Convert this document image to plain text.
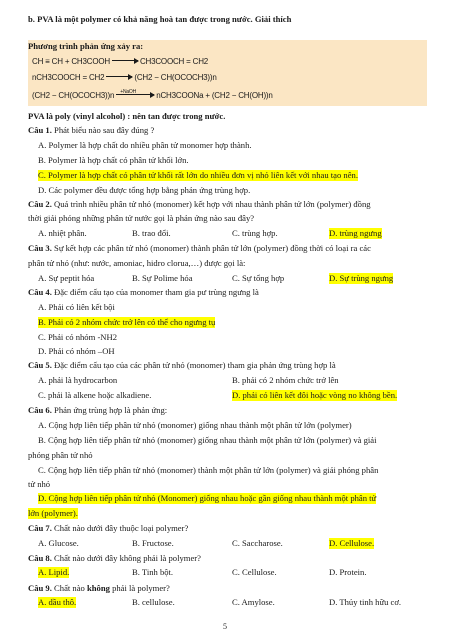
b. PVA là một polymer có khả năng hoà tan được trong nước. Giải thích
Phương trình phản ứng xảy ra:
CH ≡ CH + CH3COOH	CH3COOCH = CH2
nCH3COOCH = CH2	(CH2 − CH(OCOCH3))n
(CH2 − CH(OCOCH3))n +NaOH	nCH3COONa + (CH2 − CH(OH))n
PVA là poly (vinyl alcohol) : nên tan được trong nước.
Câu 1. Phát biểu nào sau đây đúng ?
A. Polymer là hợp chất do nhiều phân tử monomer hợp thành.
B. Polymer là hợp chất có phân tử khối lớn.
C. Polymer là hợp chất có phân tử khối rất lớn do nhiều đơn vị nhỏ liên kết với nhau tạo nên.
D. Các polymer đều được tổng hợp bằng phản ứng trùng hợp.
Câu 2. Quá trình nhiều phân tử nhỏ (monomer) kết hợp với nhau thành phân tử lớn (polymer) đồng
thời giải phóng những phân tử nước gọi là phản ứng nào sau đây?
A. nhiệt phân.	B. trao đổi.	C. trùng hợp.	D. trùng ngưng
Câu 3. Sự kết hợp các phân tử nhỏ (monomer) thành phân tử lớn (polymer) đồng thời có loại ra các
phân tử nhỏ (như: nước, amoniac, hidro clorua,…) được gọi là:
A. Sự peptit hóa	B. Sự Polime hóa	C. Sự tổng hợp	D. Sự trùng ngưng
Câu 4. Đặc điểm cấu tạo của monomer tham gia pư trùng ngưng là
A. Phải có liên kết bội
B. Phải có 2 nhóm chức trở lên có thể cho ngưng tụ
C. Phải có nhóm -NH2
D. Phải có nhóm –OH
Câu 5. Đặc điểm cấu tạo của các phân tử nhỏ (monomer) tham gia phản ứng trùng hợp là
A. phải là hydrocarbon	B. phải có 2 nhóm chức trở lên
C. phải là alkene hoặc alkadiene.	D. phải có liên kết đôi hoặc vòng no không bền.
Câu 6. Phản ứng trùng hợp là phản ứng:
A. Cộng hợp liên tiếp phân tử nhỏ (monomer) giống nhau thành một phân tử lớn (polymer)
B. Cộng hợp liên tiếp phân tử nhỏ (monomer) giống nhau thành một phân tử lớn (polymer) và giải
phóng phân tử nhỏ
C. Cộng hợp liên tiếp phân tử nhỏ (monomer) thành một phân tử lớn (polymer) và giải phóng phân
tử nhỏ
D. Cộng hợp liên tiếp phân tử nhỏ (Monomer) giống nhau hoặc gần giống nhau thành một phân tử
lớn (polymer).
Câu 7. Chất nào dưới đây thuộc loại polymer?
A. Glucose.	B. Fructose.	C. Saccharose.	D. Cellulose.
Câu 8. Chất nào dưới đây không phải là polymer?
A. Lipid.	B. Tinh bột.	C. Cellulose.	D. Protein.
Câu 9. Chất nào không phải là polymer?
A. dầu thô.	B. cellulose.	C. Amylose.	D. Thủy tinh hữu cơ.
5
